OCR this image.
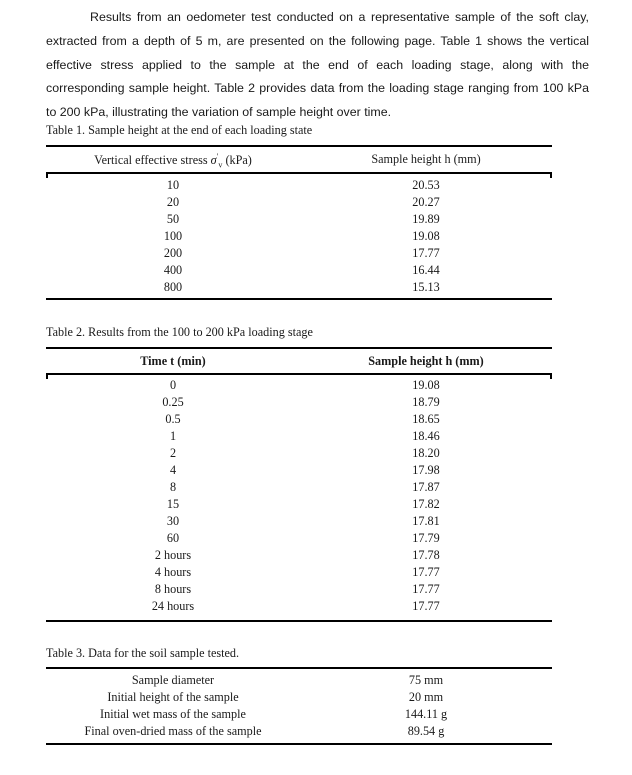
Results from an oedometer test conducted on a representative sample of the soft clay, extracted from a depth of 5 m, are presented on the following page. Table 1 shows the vertical effective stress applied to the sample at the end of each loading stage, along with the corresponding sample height. Table 2 provides data from the loading stage ranging from 100 kPa to 200 kPa, illustrating the variation of sample height over time.

Table 1. Sample height at the end of each loading state
Vertical effective stress $\sigma'_v$ (kPa)	Sample height h (mm)
10	20.53
20	20.27
50	19.89
100	19.08
200	17.77
400	16.44
800	15.13
Table 2. Results from the 100 to 200 kPa loading stage
Time t (min)	Sample height h (mm)
0	19.08
0.25	18.79
0.5	18.65
1	18.46
2	18.20
4	17.98
8	17.87
15	17.82
30	17.81
60	17.79
2 hours	17.78
4 hours	17.77
8 hours	17.77
24 hours	17.77
Table 3. Data for the soil sample tested.
Sample diameter	75 mm
Initial height of the sample	20 mm
Initial wet mass of the sample	144.11 g
Final oven-dried mass of the sample	89.54 g
